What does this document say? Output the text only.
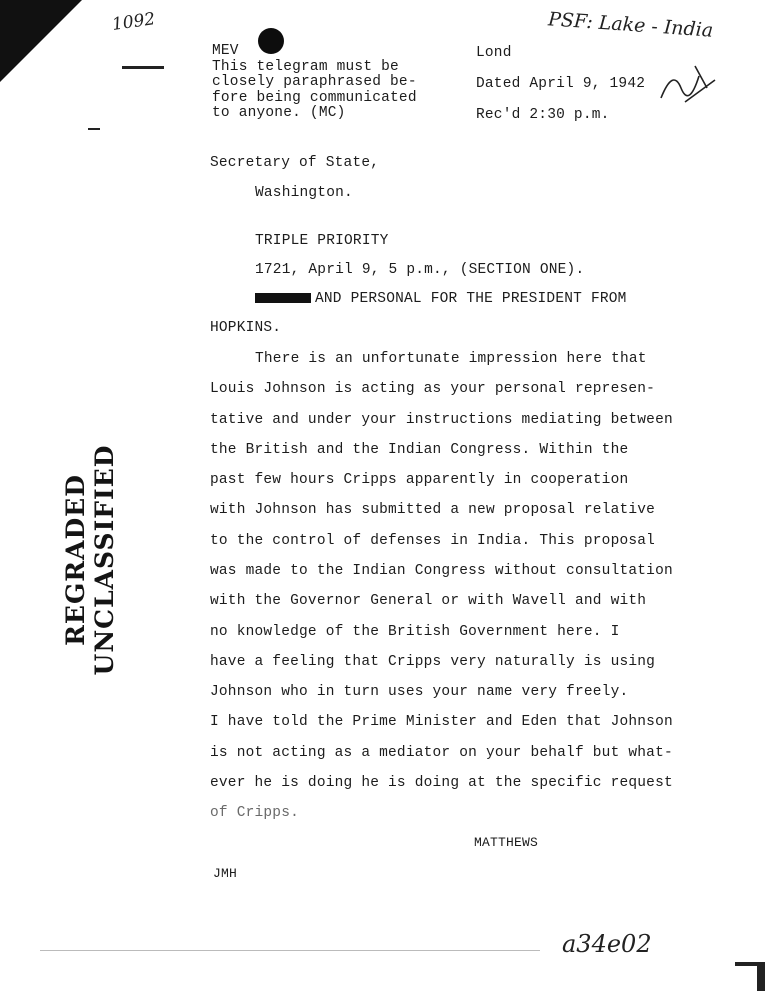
1092
MEV
This telegram must be
closely paraphrased be-
fore being communicated
to anyone. (MC)
Lond
Dated April 9, 1942
Rec'd 2:30 p.m.
PSF: Lake - India
Secretary of State,
Washington.
TRIPLE PRIORITY
1721, April 9, 5 p.m., (SECTION ONE).
AND PERSONAL FOR THE PRESIDENT FROM
HOPKINS.
There is an unfortunate impression here that
Louis Johnson is acting as your personal represen-
tative and under your instructions mediating between
the British and the Indian Congress. Within the
past few hours Cripps apparently in cooperation
with Johnson has submitted a new proposal relative
to the control of defenses in India. This proposal
was made to the Indian Congress without consultation
with the Governor General or with Wavell and with
no knowledge of the British Government here. I
have a feeling that Cripps very naturally is using
Johnson who in turn uses your name very freely.
I have told the Prime Minister and Eden that Johnson
is not acting as a mediator on your behalf but what-
ever he is doing he is doing at the specific request
of Cripps.
MATTHEWS
JMH
REGRADED UNCLASSIFIED
a34e02
